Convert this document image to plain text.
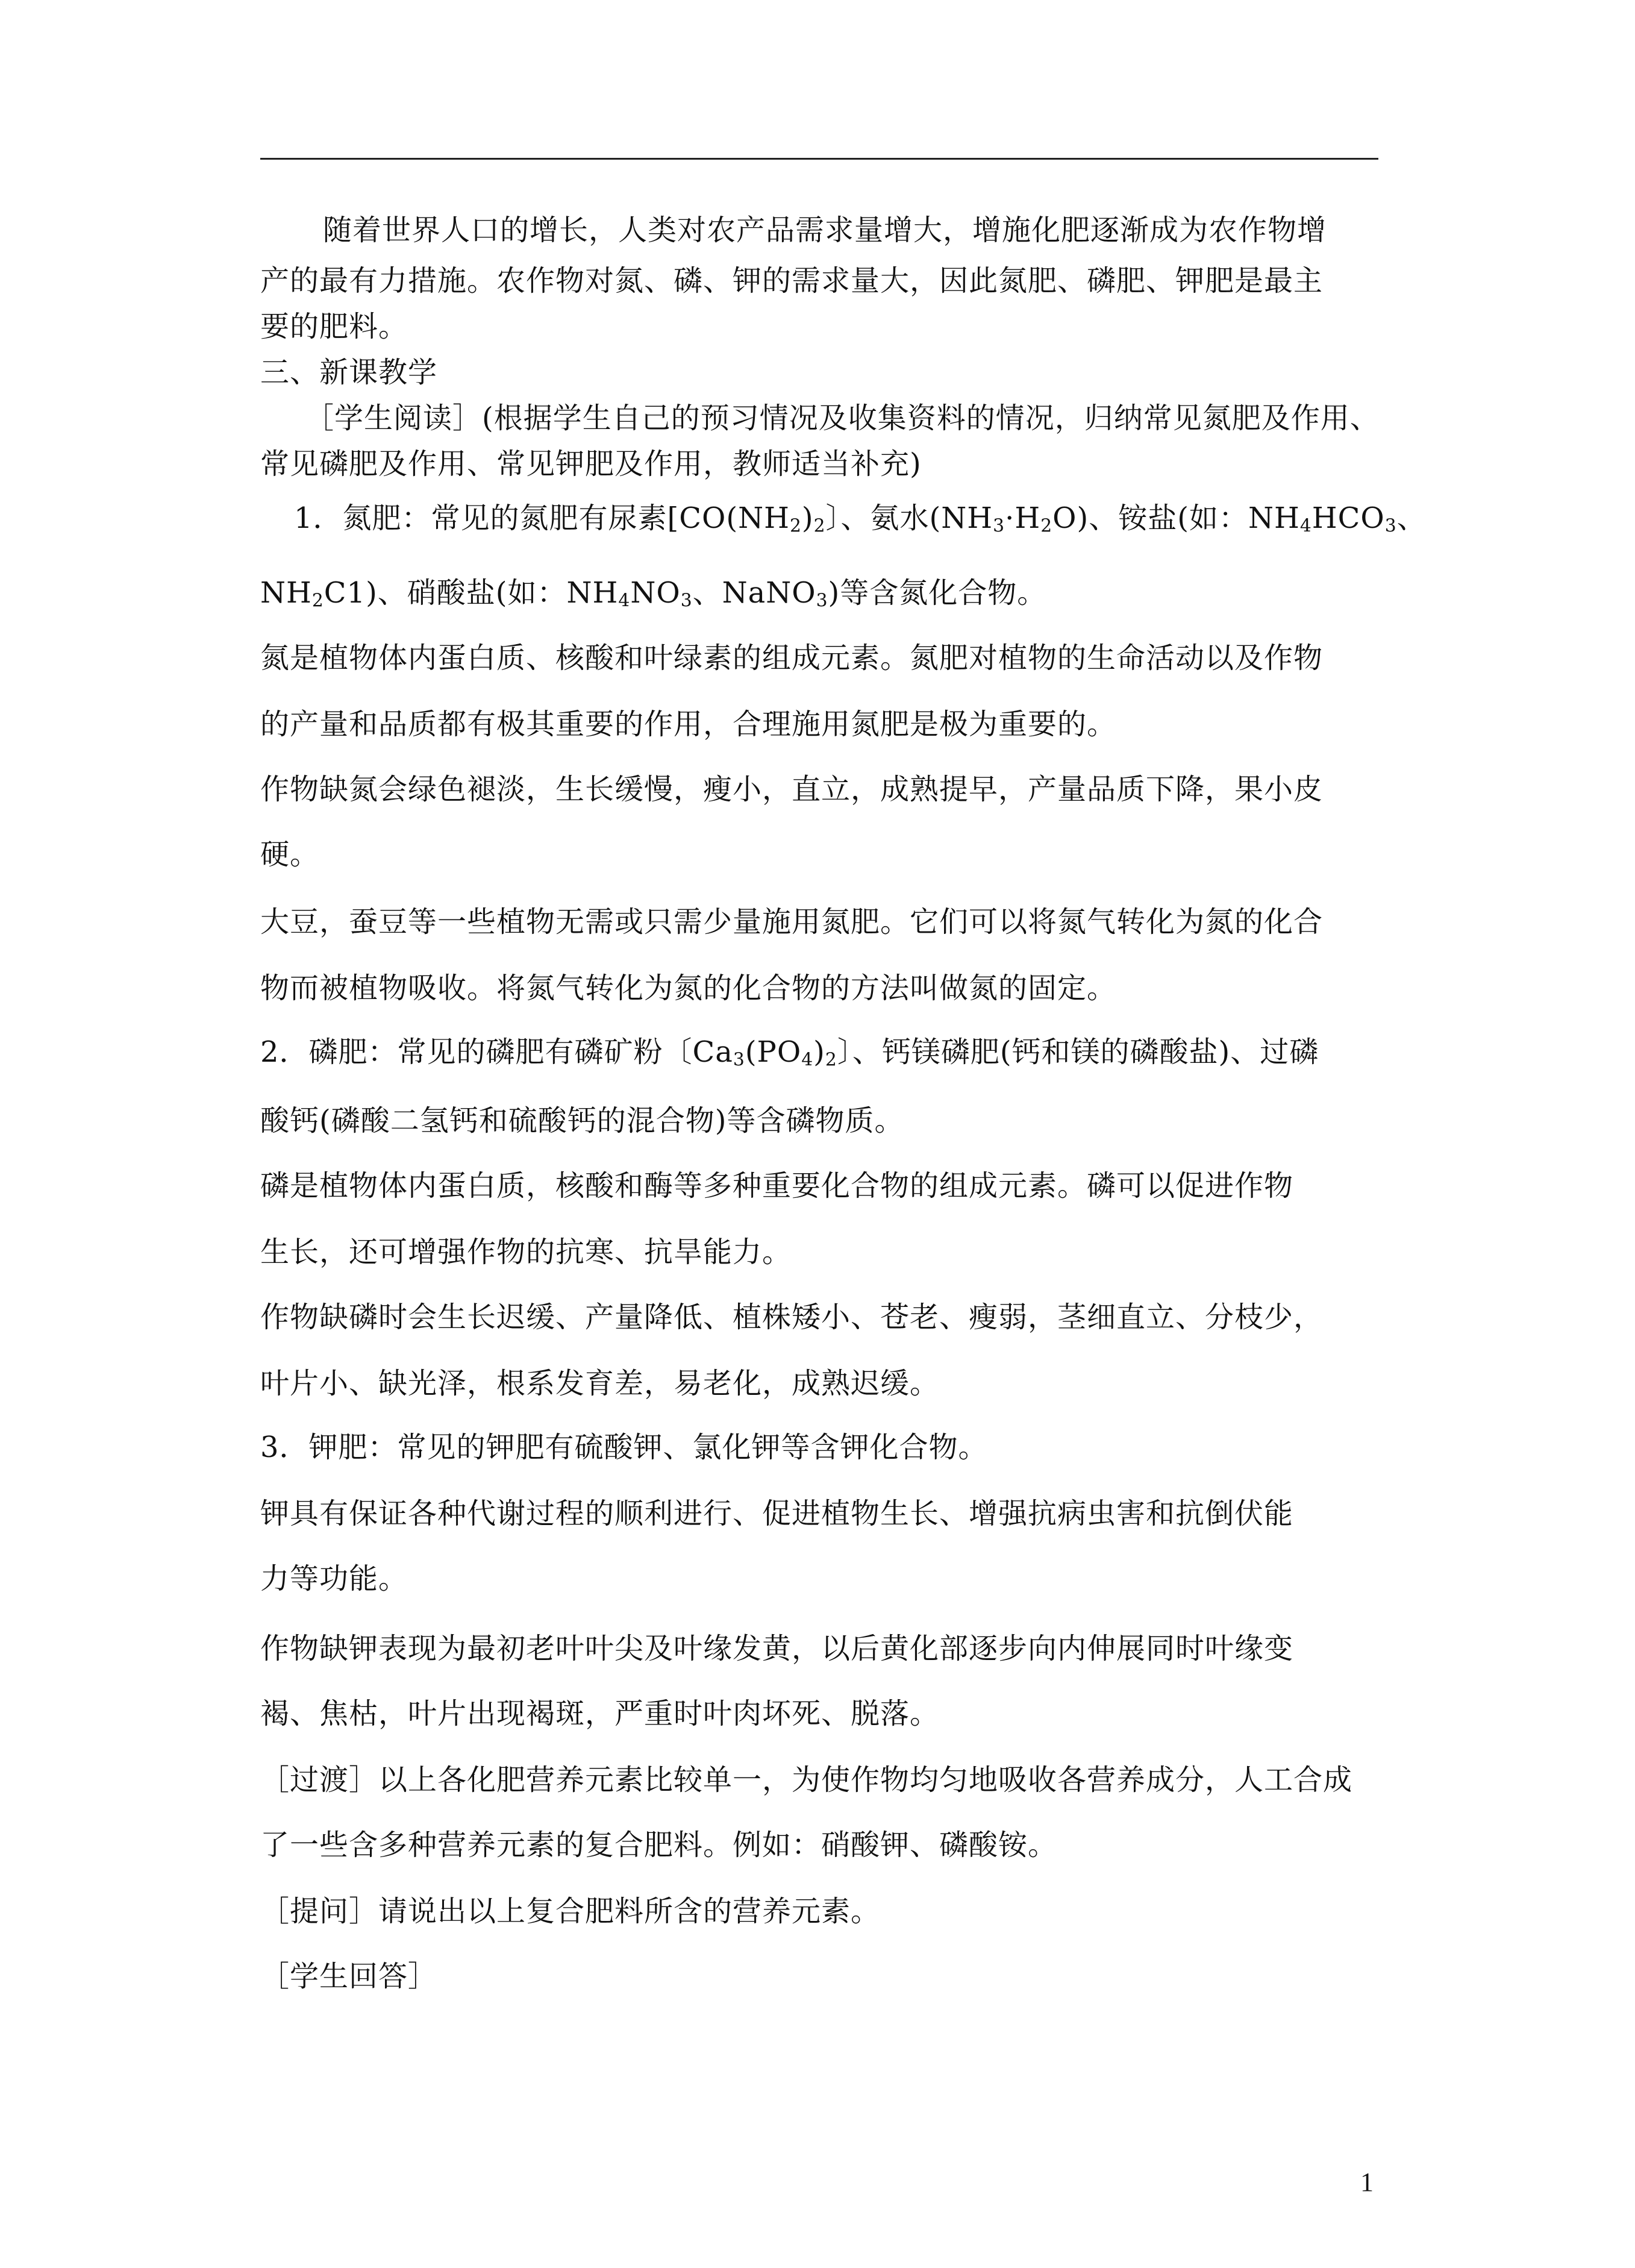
随着世界人口的增长，人类对农产品需求量增大，增施化肥逐渐成为农作物增
产的最有力措施。农作物对氮、磷、钾的需求量大，因此氮肥、磷肥、钾肥是最主
要的肥料。
三、新课教学
［学生阅读］(根据学生自己的预习情况及收集资料的情况，归纳常见氮肥及作用、
常见磷肥及作用、常见钾肥及作用，教师适当补充)
1．氮肥：常见的氮肥有尿素[$CO(NH_2)_2$〕、氨水$(NH_3\cdot H_2O)$、铵盐(如：$NH_4HCO_3$、
$NH_2C1$)、硝酸盐(如：$NH_4NO_3$、NaNO$_3$)等含氮化合物。
氮是植物体内蛋白质、核酸和叶绿素的组成元素。氮肥对植物的生命活动以及作物
的产量和品质都有极其重要的作用，合理施用氮肥是极为重要的。
作物缺氮会绿色褪淡，生长缓慢，瘦小，直立，成熟提早，产量品质下降，果小皮
硬。
大豆，蚕豆等一些植物无需或只需少量施用氮肥。它们可以将氮气转化为氮的化合
物而被植物吸收。将氮气转化为氮的化合物的方法叫做氮的固定。
2．磷肥：常见的磷肥有磷矿粉〔$Ca_3(PO_4)_2$〕、钙镁磷肥(钙和镁的磷酸盐)、过磷
酸钙(磷酸二氢钙和硫酸钙的混合物)等含磷物质。
磷是植物体内蛋白质，核酸和酶等多种重要化合物的组成元素。磷可以促进作物
生长，还可增强作物的抗寒、抗旱能力。
作物缺磷时会生长迟缓、产量降低、植株矮小、苍老、瘦弱，茎细直立、分枝少，
叶片小、缺光泽，根系发育差，易老化，成熟迟缓。
3．钾肥：常见的钾肥有硫酸钾、氯化钾等含钾化合物。
钾具有保证各种代谢过程的顺利进行、促进植物生长、增强抗病虫害和抗倒伏能
力等功能。
作物缺钾表现为最初老叶叶尖及叶缘发黄，以后黄化部逐步向内伸展同时叶缘变
褐、焦枯，叶片出现褐斑，严重时叶肉坏死、脱落。
［过渡］以上各化肥营养元素比较单一，为使作物均匀地吸收各营养成分，人工合成
了一些含多种营养元素的复合肥料。例如：硝酸钾、磷酸铵。
［提问］请说出以上复合肥料所含的营养元素。
［学生回答］
1
